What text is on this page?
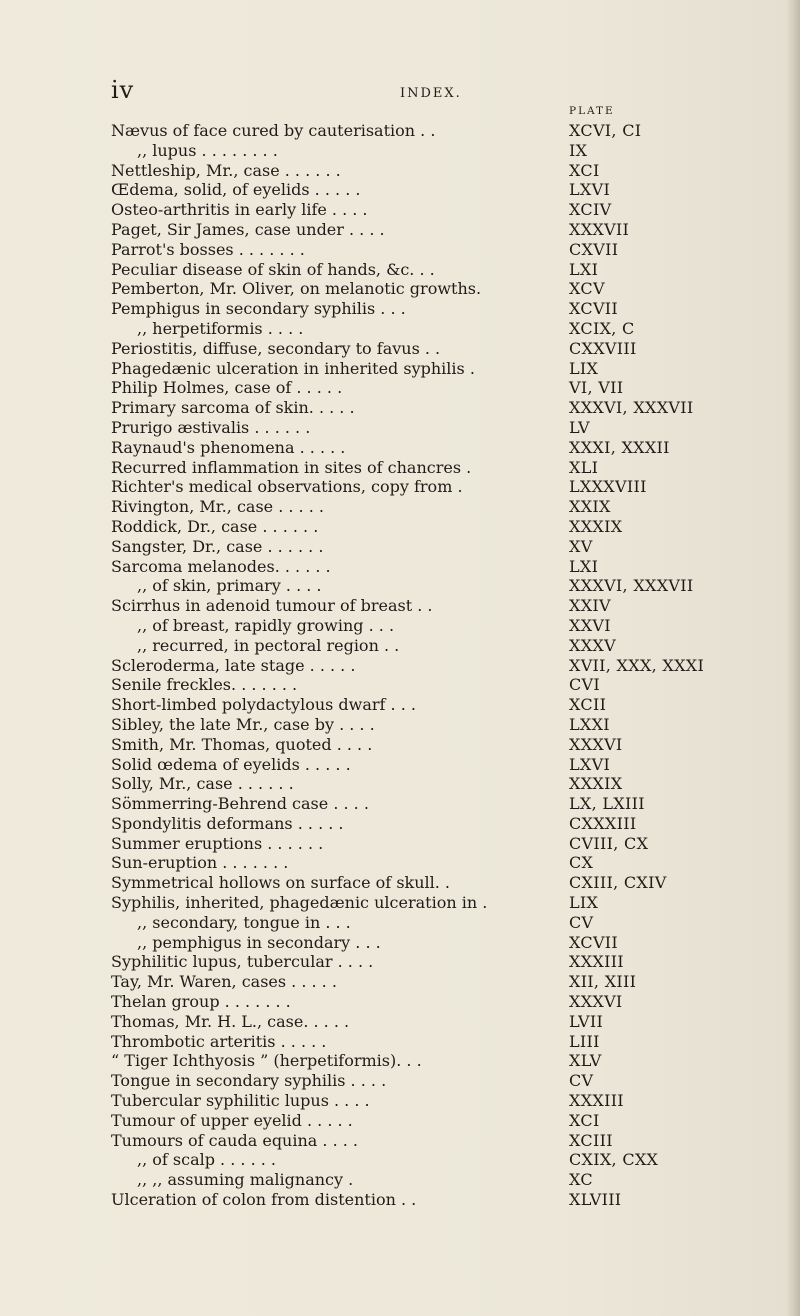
iv	INDEX.
PLATE
Nævus of face cured by cauterisation . .	XCVI, CI
,, lupus . . . . . . . .	IX
Nettleship, Mr., case . . . . . .	XCI
Œdema, solid, of eyelids . . . . .	LXVI
Osteo-arthritis in early life . . . .	XCIV
Paget, Sir James, case under . . . .	XXXVII
Parrot's bosses . . . . . . .	CXVII
Peculiar disease of skin of hands, &c. . .	LXI
Pemberton, Mr. Oliver, on melanotic growths.	XCV
Pemphigus in secondary syphilis . . .	XCVII
,, herpetiformis . . . .	XCIX, C
Periostitis, diffuse, secondary to favus . .	CXXVIII
Phagedænic ulceration in inherited syphilis .	LIX
Philip Holmes, case of . . . . .	VI, VII
Primary sarcoma of skin. . . . .	XXXVI, XXXVII
Prurigo æstivalis . . . . . .	LV
Raynaud's phenomena . . . . .	XXXI, XXXII
Recurred inflammation in sites of chancres .	XLI
Richter's medical observations, copy from .	LXXXVIII
Rivington, Mr., case . . . . .	XXIX
Roddick, Dr., case . . . . . .	XXXIX
Sangster, Dr., case . . . . . .	XV
Sarcoma melanodes. . . . . .	LXI
,, of skin, primary . . . .	XXXVI, XXXVII
Scirrhus in adenoid tumour of breast . .	XXIV
,, of breast, rapidly growing . . .	XXVI
,, recurred, in pectoral region . .	XXXV
Scleroderma, late stage . . . . .	XVII, XXX, XXXI
Senile freckles. . . . . . .	CVI
Short-limbed polydactylous dwarf . . .	XCII
Sibley, the late Mr., case by . . . .	LXXI
Smith, Mr. Thomas, quoted . . . .	XXXVI
Solid œdema of eyelids . . . . .	LXVI
Solly, Mr., case . . . . . .	XXXIX
Sömmerring-Behrend case . . . .	LX, LXIII
Spondylitis deformans . . . . .	CXXXIII
Summer eruptions . . . . . .	CVIII, CX
Sun-eruption . . . . . . .	CX
Symmetrical hollows on surface of skull. .	CXIII, CXIV
Syphilis, inherited, phagedænic ulceration in .	LIX
,, secondary, tongue in . . .	CV
,, pemphigus in secondary . . .	XCVII
Syphilitic lupus, tubercular . . . .	XXXIII
Tay, Mr. Waren, cases . . . . .	XII, XIII
Thelan group . . . . . . .	XXXVI
Thomas, Mr. H. L., case. . . . .	LVII
Thrombotic arteritis . . . . .	LIII
“ Tiger Ichthyosis ” (herpetiformis). . .	XLV
Tongue in secondary syphilis . . . .	CV
Tubercular syphilitic lupus . . . .	XXXIII
Tumour of upper eyelid . . . . .	XCI
Tumours of cauda equina . . . .	XCIII
,, of scalp . . . . . .	CXIX, CXX
,, ,, assuming malignancy .	XC
Ulceration of colon from distention . .	XLVIII
